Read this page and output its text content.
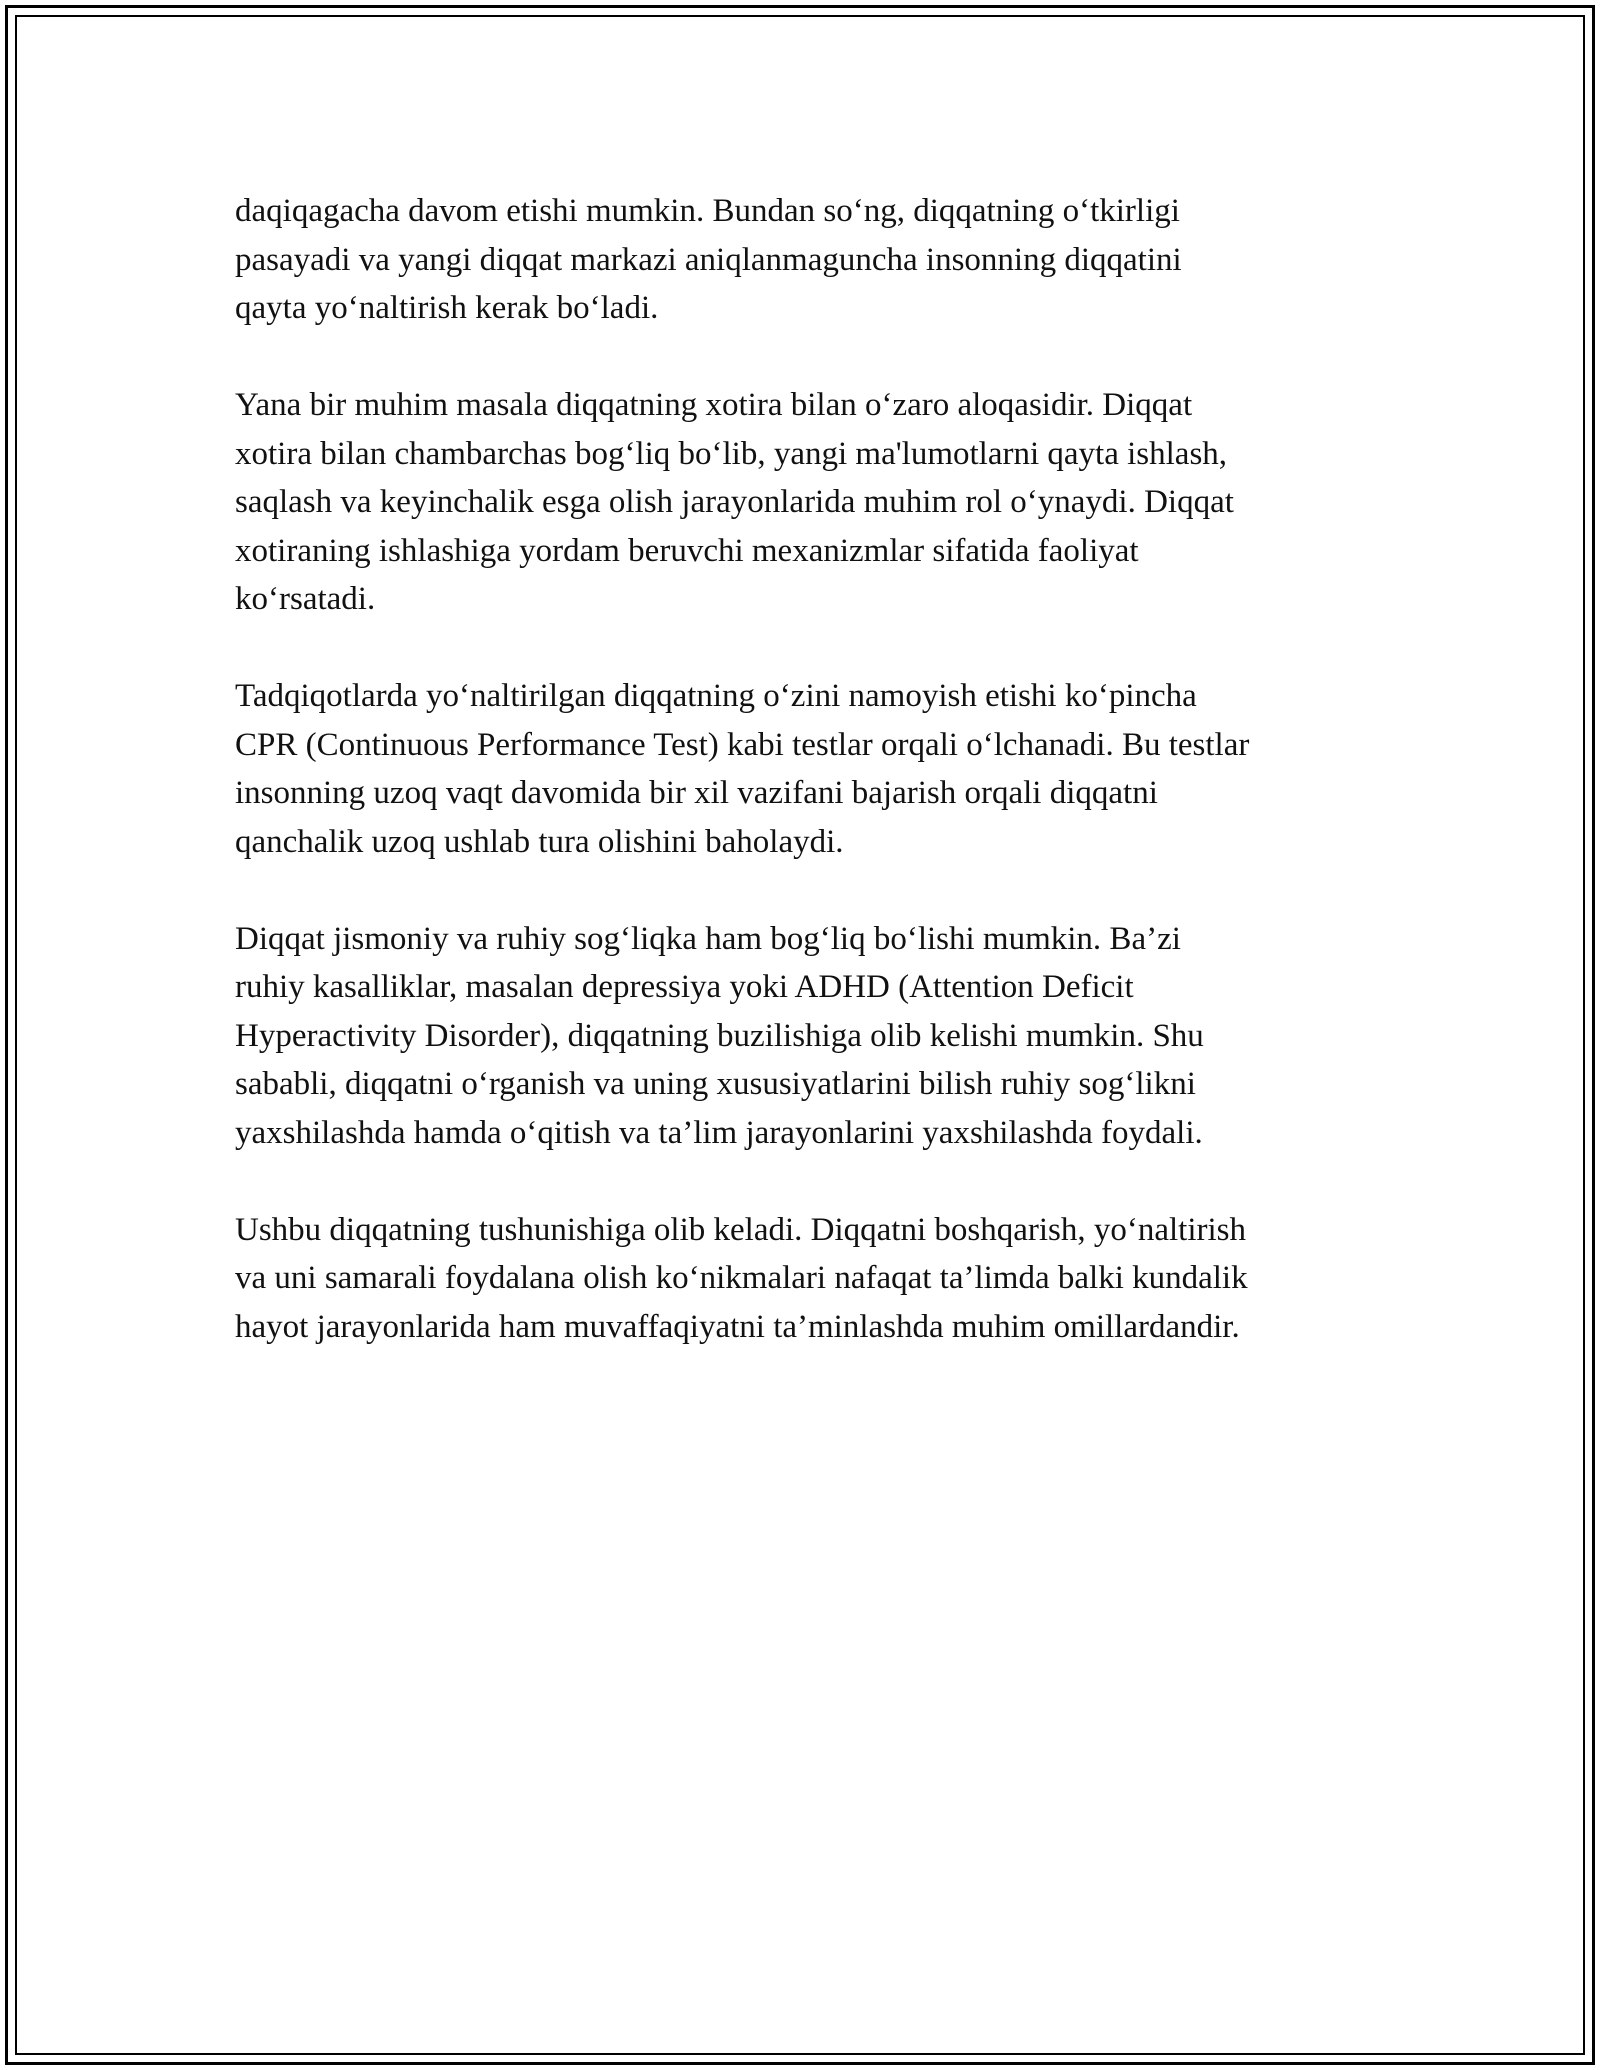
daqiqagacha davom etishi mumkin. Bundan so‘ng, diqqatning o‘tkirligi
pasayadi va yangi diqqat markazi aniqlanmaguncha insonning diqqatini
qayta yo‘naltirish kerak bo‘ladi.

Yana bir muhim masala diqqatning xotira bilan o‘zaro aloqasidir. Diqqat
xotira bilan chambarchas bog‘liq bo‘lib, yangi ma'lumotlarni qayta ishlash,
saqlash va keyinchalik esga olish jarayonlarida muhim rol o‘ynaydi. Diqqat
xotiraning ishlashiga yordam beruvchi mexanizmlar sifatida faoliyat
ko‘rsatadi.

Tadqiqotlarda yo‘naltirilgan diqqatning o‘zini namoyish etishi ko‘pincha
CPR (Continuous Performance Test) kabi testlar orqali o‘lchanadi. Bu testlar
insonning uzoq vaqt davomida bir xil vazifani bajarish orqali diqqatni
qanchalik uzoq ushlab tura olishini baholaydi.

Diqqat jismoniy va ruhiy sog‘liqka ham bog‘liq bo‘lishi mumkin. Ba’zi
ruhiy kasalliklar, masalan depressiya yoki ADHD (Attention Deficit
Hyperactivity Disorder), diqqatning buzilishiga olib kelishi mumkin. Shu
sababli, diqqatni o‘rganish va uning xususiyatlarini bilish ruhiy sog‘likni
yaxshilashda hamda o‘qitish va ta’lim jarayonlarini yaxshilashda foydali.

Ushbu diqqatning tushunishiga olib keladi. Diqqatni boshqarish, yo‘naltirish
va uni samarali foydalana olish ko‘nikmalari nafaqat ta’limda balki kundalik
hayot jarayonlarida ham muvaffaqiyatni ta’minlashda muhim omillardandir.
